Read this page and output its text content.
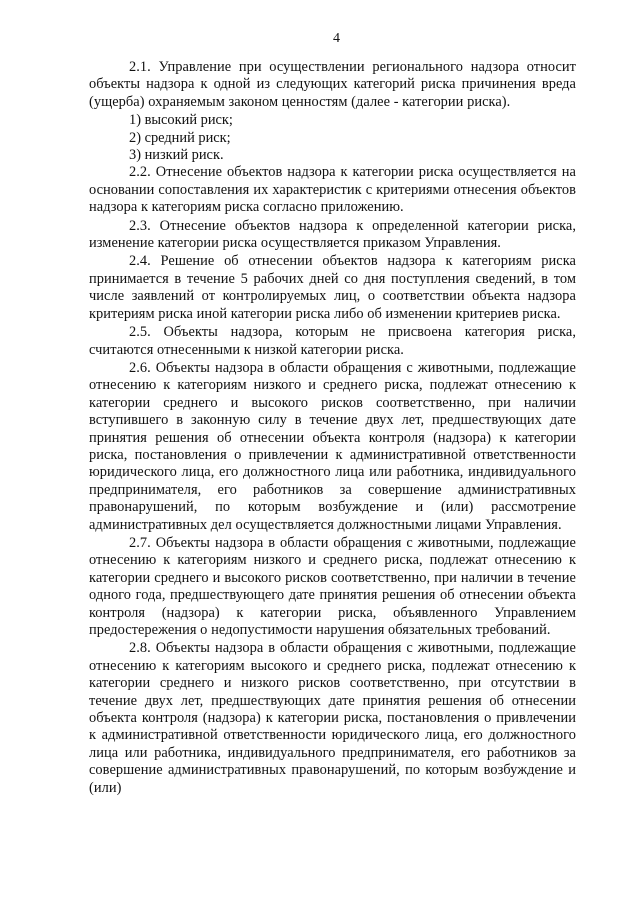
4

2.1. Управление при осуществлении регионального надзора относит объекты надзора к одной из следующих категорий риска причинения вреда (ущерба) охраняемым законом ценностям (далее - категории риска).

1) высокий риск;
2) средний риск;
3) низкий риск.

2.2. Отнесение объектов надзора к категории риска осуществляется на основании сопоставления их характеристик с критериями отнесения объектов надзора к категориям риска согласно приложению.

2.3. Отнесение объектов надзора к определенной категории риска, изменение категории риска осуществляется приказом Управления.

2.4. Решение об отнесении объектов надзора к категориям риска принимается в течение 5 рабочих дней со дня поступления сведений, в том числе заявлений от контролируемых лиц, о соответствии объекта надзора критериям риска иной категории риска либо об изменении критериев риска.

2.5. Объекты надзора, которым не присвоена категория риска, считаются отнесенными к низкой категории риска.

2.6. Объекты надзора в области обращения с животными, подлежащие отнесению к категориям низкого и среднего риска, подлежат отнесению к категории среднего и высокого рисков соответственно, при наличии вступившего в законную силу в течение двух лет, предшествующих дате принятия решения об отнесении объекта контроля (надзора) к категории риска, постановления о привлечении к административной ответственности юридического лица, его должностного лица или работника, индивидуального предпринимателя, его работников за совершение административных правонарушений, по которым возбуждение и (или) рассмотрение административных дел осуществляется должностными лицами Управления.

2.7. Объекты надзора в области обращения с животными, подлежащие отнесению к категориям низкого и среднего риска, подлежат отнесению к категории среднего и высокого рисков соответственно, при наличии в течение одного года, предшествующего дате принятия решения об отнесении объекта контроля (надзора) к категории риска, объявленного Управлением предостережения о недопустимости нарушения обязательных требований.

2.8. Объекты надзора в области обращения с животными, подлежащие отнесению к категориям высокого и среднего риска, подлежат отнесению к категории среднего и низкого рисков соответственно, при отсутствии в течение двух лет, предшествующих дате принятия решения об отнесении объекта контроля (надзора) к категории риска, постановления о привлечении к административной ответственности юридического лица, его должностного лица или работника, индивидуального предпринимателя, его работников за совершение административных правонарушений, по которым возбуждение и (или)
